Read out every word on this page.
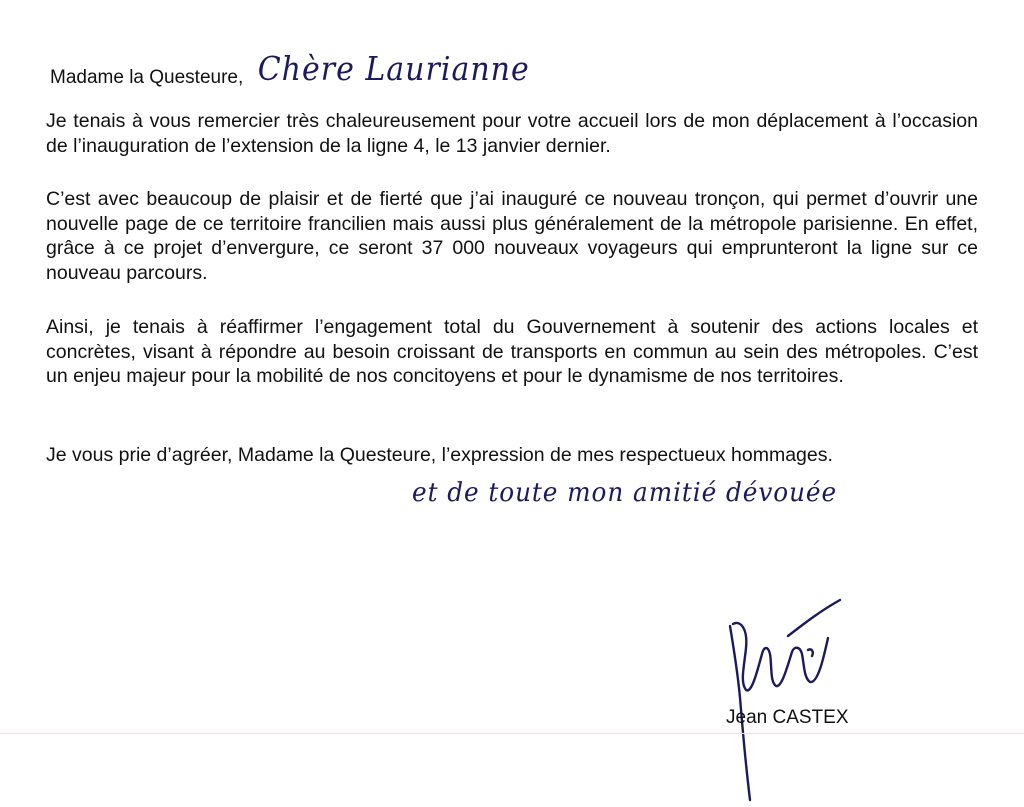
Madame la Questeure, Chère Laurianne

Je tenais à vous remercier très chaleureusement pour votre accueil lors de mon déplacement à l’occasion de l’inauguration de l’extension de la ligne 4, le 13 janvier dernier.

C’est avec beaucoup de plaisir et de fierté que j’ai inauguré ce nouveau tronçon, qui permet d’ouvrir une nouvelle page de ce territoire francilien mais aussi plus généralement de la métropole parisienne. En effet, grâce à ce projet d’envergure, ce seront 37 000 nouveaux voyageurs qui emprunteront la ligne sur ce nouveau parcours.

Ainsi, je tenais à réaffirmer l’engagement total du Gouvernement à soutenir des actions locales et concrètes, visant à répondre au besoin croissant de transports en commun au sein des métropoles. C’est un enjeu majeur pour la mobilité de nos concitoyens et pour le dynamisme de nos territoires.

Je vous prie d’agréer, Madame la Questeure, l’expression de mes respectueux hommages.
et de toute mon amitié dévouée
Jean CASTEX
